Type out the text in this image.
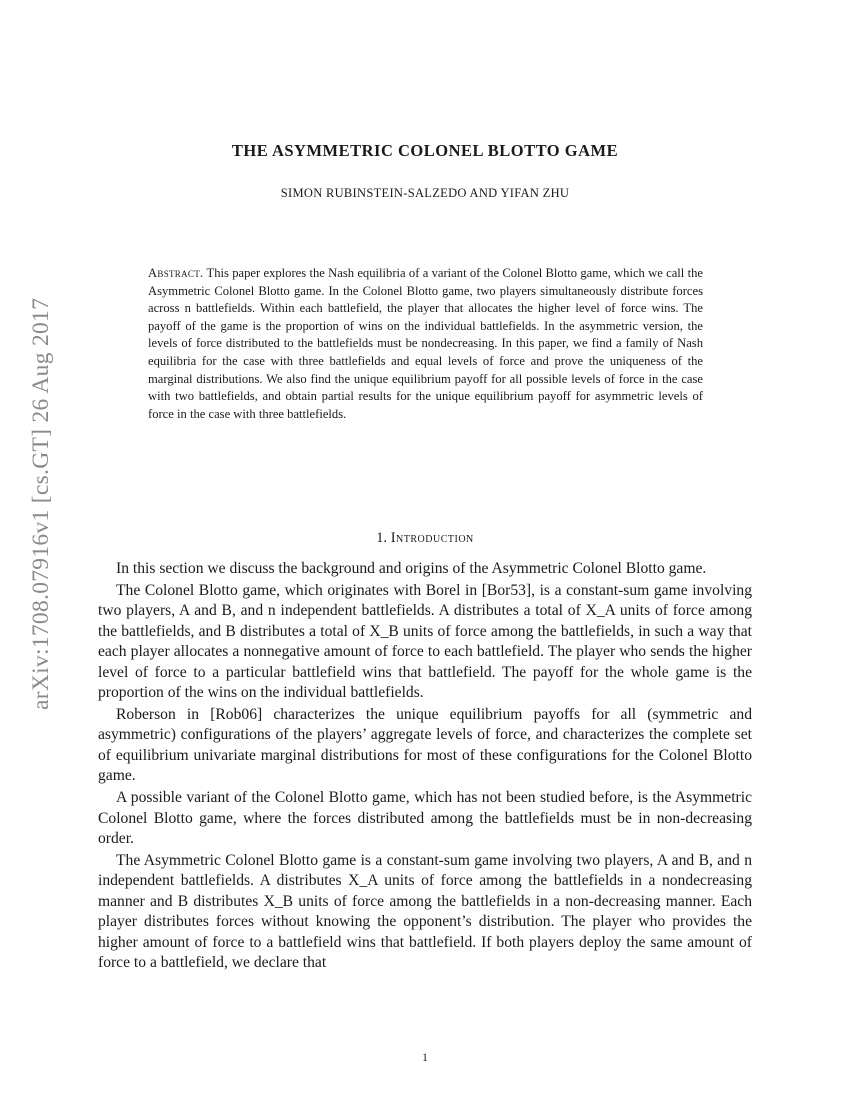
arXiv:1708.07916v1 [cs.GT] 26 Aug 2017
THE ASYMMETRIC COLONEL BLOTTO GAME
SIMON RUBINSTEIN-SALZEDO AND YIFAN ZHU
Abstract. This paper explores the Nash equilibria of a variant of the Colonel Blotto game, which we call the Asymmetric Colonel Blotto game. In the Colonel Blotto game, two players simultaneously distribute forces across n battlefields. Within each battlefield, the player that allocates the higher level of force wins. The payoff of the game is the proportion of wins on the individual battlefields. In the asymmetric version, the levels of force distributed to the battlefields must be nondecreasing. In this paper, we find a family of Nash equilibria for the case with three battlefields and equal levels of force and prove the uniqueness of the marginal distributions. We also find the unique equilibrium payoff for all possible levels of force in the case with two battlefields, and obtain partial results for the unique equilibrium payoff for asymmetric levels of force in the case with three battlefields.
1. Introduction

In this section we discuss the background and origins of the Asymmetric Colonel Blotto game.

The Colonel Blotto game, which originates with Borel in [Bor53], is a constant-sum game involving two players, A and B, and n independent battlefields. A distributes a total of X_A units of force among the battlefields, and B distributes a total of X_B units of force among the battlefields, in such a way that each player allocates a nonnegative amount of force to each battlefield. The player who sends the higher level of force to a particular battlefield wins that battlefield. The payoff for the whole game is the proportion of the wins on the individual battlefields.

Roberson in [Rob06] characterizes the unique equilibrium payoffs for all (symmetric and asymmetric) configurations of the players’ aggregate levels of force, and characterizes the complete set of equilibrium univariate marginal distributions for most of these configurations for the Colonel Blotto game.

A possible variant of the Colonel Blotto game, which has not been studied before, is the Asymmetric Colonel Blotto game, where the forces distributed among the battlefields must be in non-decreasing order.

The Asymmetric Colonel Blotto game is a constant-sum game involving two players, A and B, and n independent battlefields. A distributes X_A units of force among the battlefields in a nondecreasing manner and B distributes X_B units of force among the battlefields in a non-decreasing manner. Each player distributes forces without knowing the opponent’s distribution. The player who provides the higher amount of force to a battlefield wins that battlefield. If both players deploy the same amount of force to a battlefield, we declare that

1
